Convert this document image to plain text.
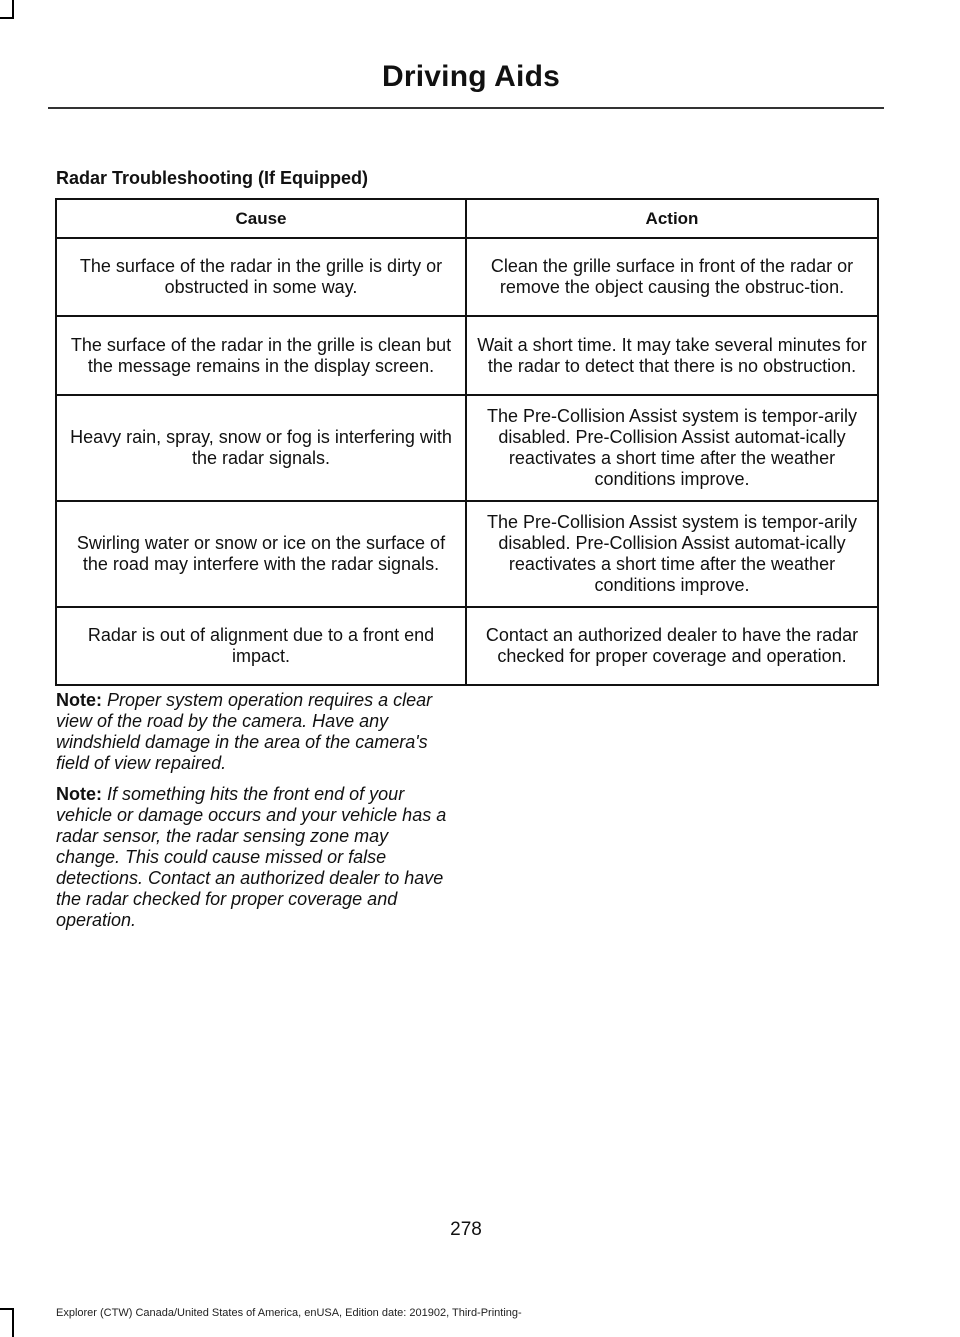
Driving Aids
Radar Troubleshooting (If Equipped)
Cause	Action
The surface of the radar in the grille is dirty or obstructed in some way.	Clean the grille surface in front of the radar or remove the object causing the obstruc-tion.
The surface of the radar in the grille is clean but the message remains in the display screen.	Wait a short time. It may take several minutes for the radar to detect that there is no obstruction.
Heavy rain, spray, snow or fog is interfering with the radar signals.	The Pre-Collision Assist system is tempor-arily disabled. Pre-Collision Assist automat-ically reactivates a short time after the weather conditions improve.
Swirling water or snow or ice on the surface of the road may interfere with the radar signals.	The Pre-Collision Assist system is tempor-arily disabled. Pre-Collision Assist automat-ically reactivates a short time after the weather conditions improve.
Radar is out of alignment due to a front end impact.	Contact an authorized dealer to have the radar checked for proper coverage and operation.

Note: Proper system operation requires a clear view of the road by the camera. Have any windshield damage in the area of the camera's field of view repaired.

Note: If something hits the front end of your vehicle or damage occurs and your vehicle has a radar sensor, the radar sensing zone may change. This could cause missed or false detections. Contact an authorized dealer to have the radar checked for proper coverage and operation.

278
Explorer (CTW) Canada/United States of America, enUSA, Edition date: 201902, Third-Printing-
